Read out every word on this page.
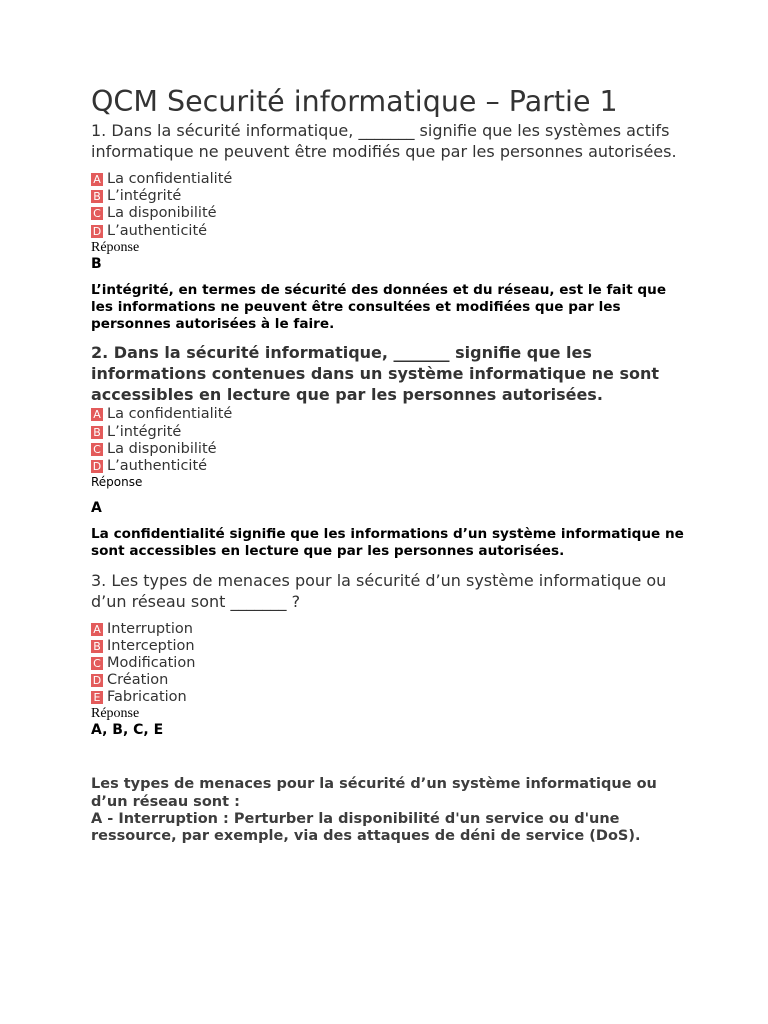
QCM Securité informatique – Partie 1

1. Dans la sécurité informatique, _______ signifie que les systèmes actifs informatique ne peuvent être modifiés que par les personnes autorisées.

A La confidentialité
B L’intégrité
C La disponibilité
D L’authenticité
Réponse
B

L’intégrité, en termes de sécurité des données et du réseau, est le fait que les informations ne peuvent être consultées et modifiées que par les personnes autorisées à le faire.

2. Dans la sécurité informatique, _______ signifie que les informations contenues dans un système informatique ne sont accessibles en lecture que par les personnes autorisées.

A La confidentialité
B L’intégrité
C La disponibilité
D L’authenticité
Réponse
A

La confidentialité signifie que les informations d’un système informatique ne sont accessibles en lecture que par les personnes autorisées.

3. Les types de menaces pour la sécurité d’un système informatique ou d’un réseau sont _______ ?

A Interruption
B Interception
C Modification
D Création
E Fabrication
Réponse
A, B, C, E

Les types de menaces pour la sécurité d’un système informatique ou d’un réseau sont :

A - Interruption : Perturber la disponibilité d'un service ou d'une ressource, par exemple, via des attaques de déni de service (DoS).
